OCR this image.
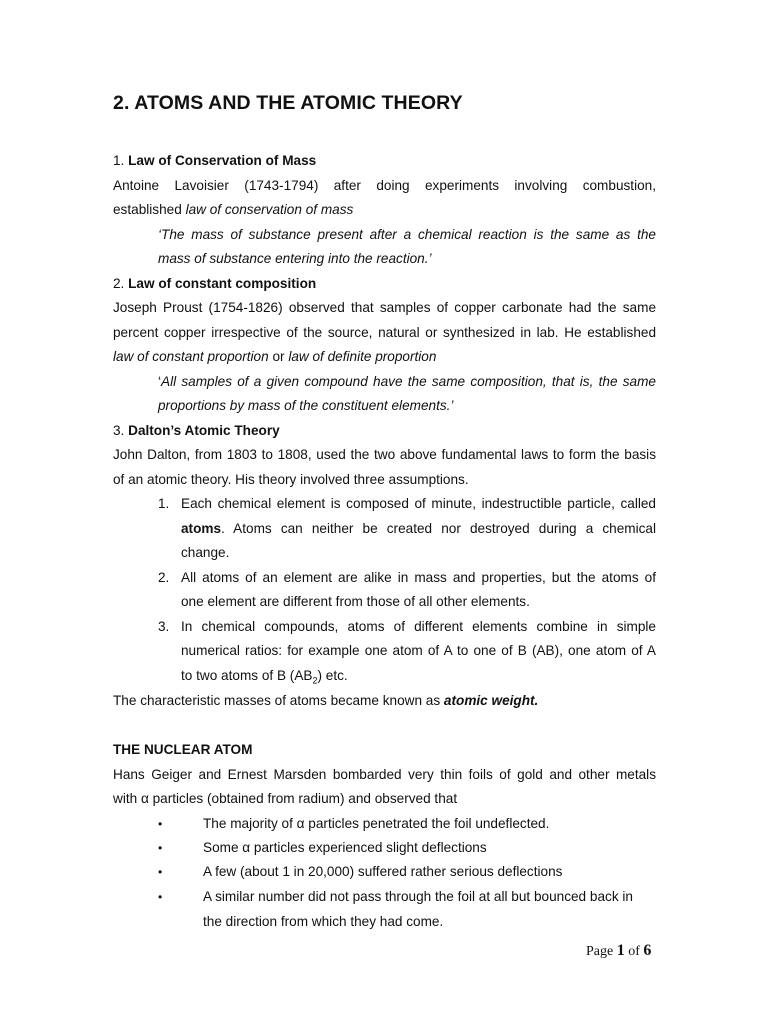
2. ATOMS AND THE ATOMIC THEORY
1. Law of Conservation of Mass
Antoine Lavoisier (1743-1794) after doing experiments involving combustion,
established law of conservation of mass
‘The mass of substance present after a chemical reaction is the same as the
mass of substance entering into the reaction.’
2. Law of constant composition
Joseph Proust (1754-1826) observed that samples of copper carbonate had the same
percent copper irrespective of the source, natural or synthesized in lab. He established
law of constant proportion or law of definite proportion
‘All samples of a given compound have the same composition, that is, the same
proportions by mass of the constituent elements.’
3. Dalton’s Atomic Theory
John Dalton, from 1803 to 1808, used the two above fundamental laws to form the basis
of an atomic theory. His theory involved three assumptions.
1. Each chemical element is composed of minute, indestructible particle, called
atoms. Atoms can neither be created nor destroyed during a chemical
change.
2. All atoms of an element are alike in mass and properties, but the atoms of
one element are different from those of all other elements.
3. In chemical compounds, atoms of different elements combine in simple
numerical ratios: for example one atom of A to one of B (AB), one atom of A
to two atoms of B $(AB_2)$ etc.
The characteristic masses of atoms became known as atomic weight.
THE NUCLEAR ATOM
Hans Geiger and Ernest Marsden bombarded very thin foils of gold and other metals
with α particles (obtained from radium) and observed that
•	The majority of α particles penetrated the foil undeflected.
•	Some α particles experienced slight deflections
•	A few (about 1 in 20,000) suffered rather serious deflections
•	A similar number did not pass through the foil at all but bounced back in
the direction from which they had come.
Page 1 of 6
